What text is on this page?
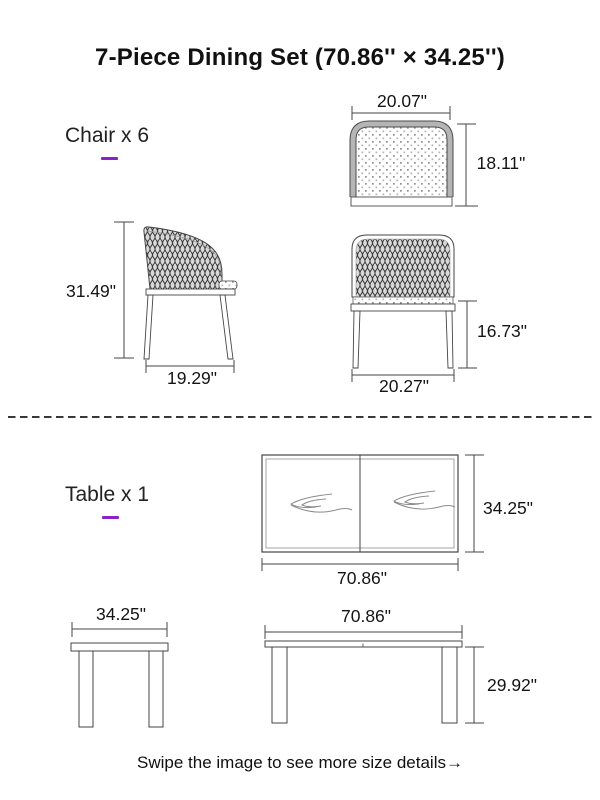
7-Piece Dining Set (70.86'' × 34.25'')
Chair x 6
Table x 1
20.07"
18.11"
31.49"
19.29"
16.73"
20.27"
34.25"
70.86"
34.25"	70.86"
29.92"
Swipe the image to see more size details→
